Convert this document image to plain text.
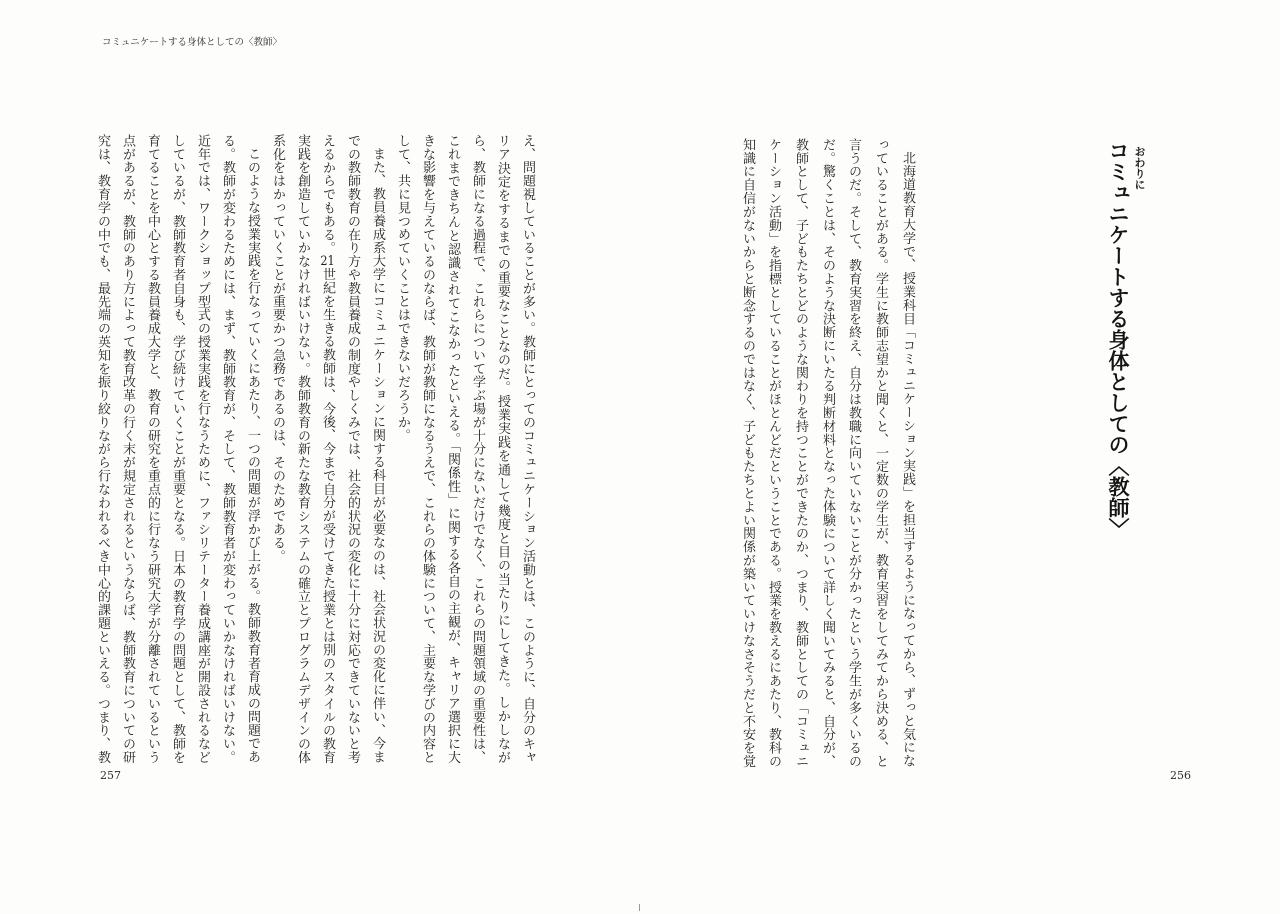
コミュニケートする身体としての〈教師〉
え、問題視していることが多い。教師にとってのコミュニケーション活動とは、このように、自分のキャ
リア決定をするまでの重要なことなのだ。授業実践を通して幾度と目の当たりにしてきた。しかしなが
ら、教師になる過程で、これらについて学ぶ場が十分にないだけでなく、これらの問題領域の重要性は、
これまできちんと認識されてこなかったといえる。「関係性」に関する各自の主観が、キャリア選択に大
きな影響を与えているのならば、教師が教師になるうえで、これらの体験について、主要な学びの内容と
して、共に見つめていくことはできないだろうか。
また、教員養成系大学にコミュニケーションに関する科目が必要なのは、社会状況の変化に伴い、今ま
での教師教育の在り方や教員養成の制度やしくみでは、社会的状況の変化に十分に対応できていないと考
えるからでもある。21世紀を生きる教師は、今後、今まで自分が受けてきた授業とは別のスタイルの教育
実践を創造していかなければいけない。教師教育の新たな教育システムの確立とプログラムデザインの体
系化をはかっていくことが重要かつ急務であるのは、そのためである。
このような授業実践を行なっていくにあたり、一つの問題が浮かび上がる。教師教育者育成の問題であ
る。教師が変わるためには、まず、教師教育が、そして、教師教育者が変わっていかなければいけない。
近年では、ワークショップ型式の授業実践を行なうために、ファシリテーター養成講座が開設されるなど
しているが、教師教育者自身も、学び続けていくことが重要となる。日本の教育学の問題として、教師を
育てることを中心とする教員養成大学と、教育の研究を重点的に行なう研究大学が分離されているという
点があるが、教師のあり方によって教育改革の行く末が規定されるというならば、教師教育についての研
究は、教育学の中でも、最先端の英知を振り絞りながら行なわれるべき中心的課題といえる。つまり、教
257
おわりに
コミュニケートする身体としての〈教師〉
北海道教育大学で、授業科目「コミュニケーション実践」を担当するようになってから、ずっと気にな
っていることがある。学生に教師志望かと聞くと、一定数の学生が、教育実習をしてみてから決める、と
言うのだ。そして、教育実習を終え、自分は教職に向いていないことが分かったという学生が多くいるの
だ。驚くことは、そのような決断にいたる判断材料となった体験について詳しく聞いてみると、自分が、
教師として、子どもたちとどのような関わりを持つことができたのか、つまり、教師としての「コミュニ
ケーション活動」を指標としていることがほとんどだということである。授業を教えるにあたり、教科の
知識に自信がないからと断念するのではなく、子どもたちとよい関係が築いていけなさそうだと不安を覚
256
